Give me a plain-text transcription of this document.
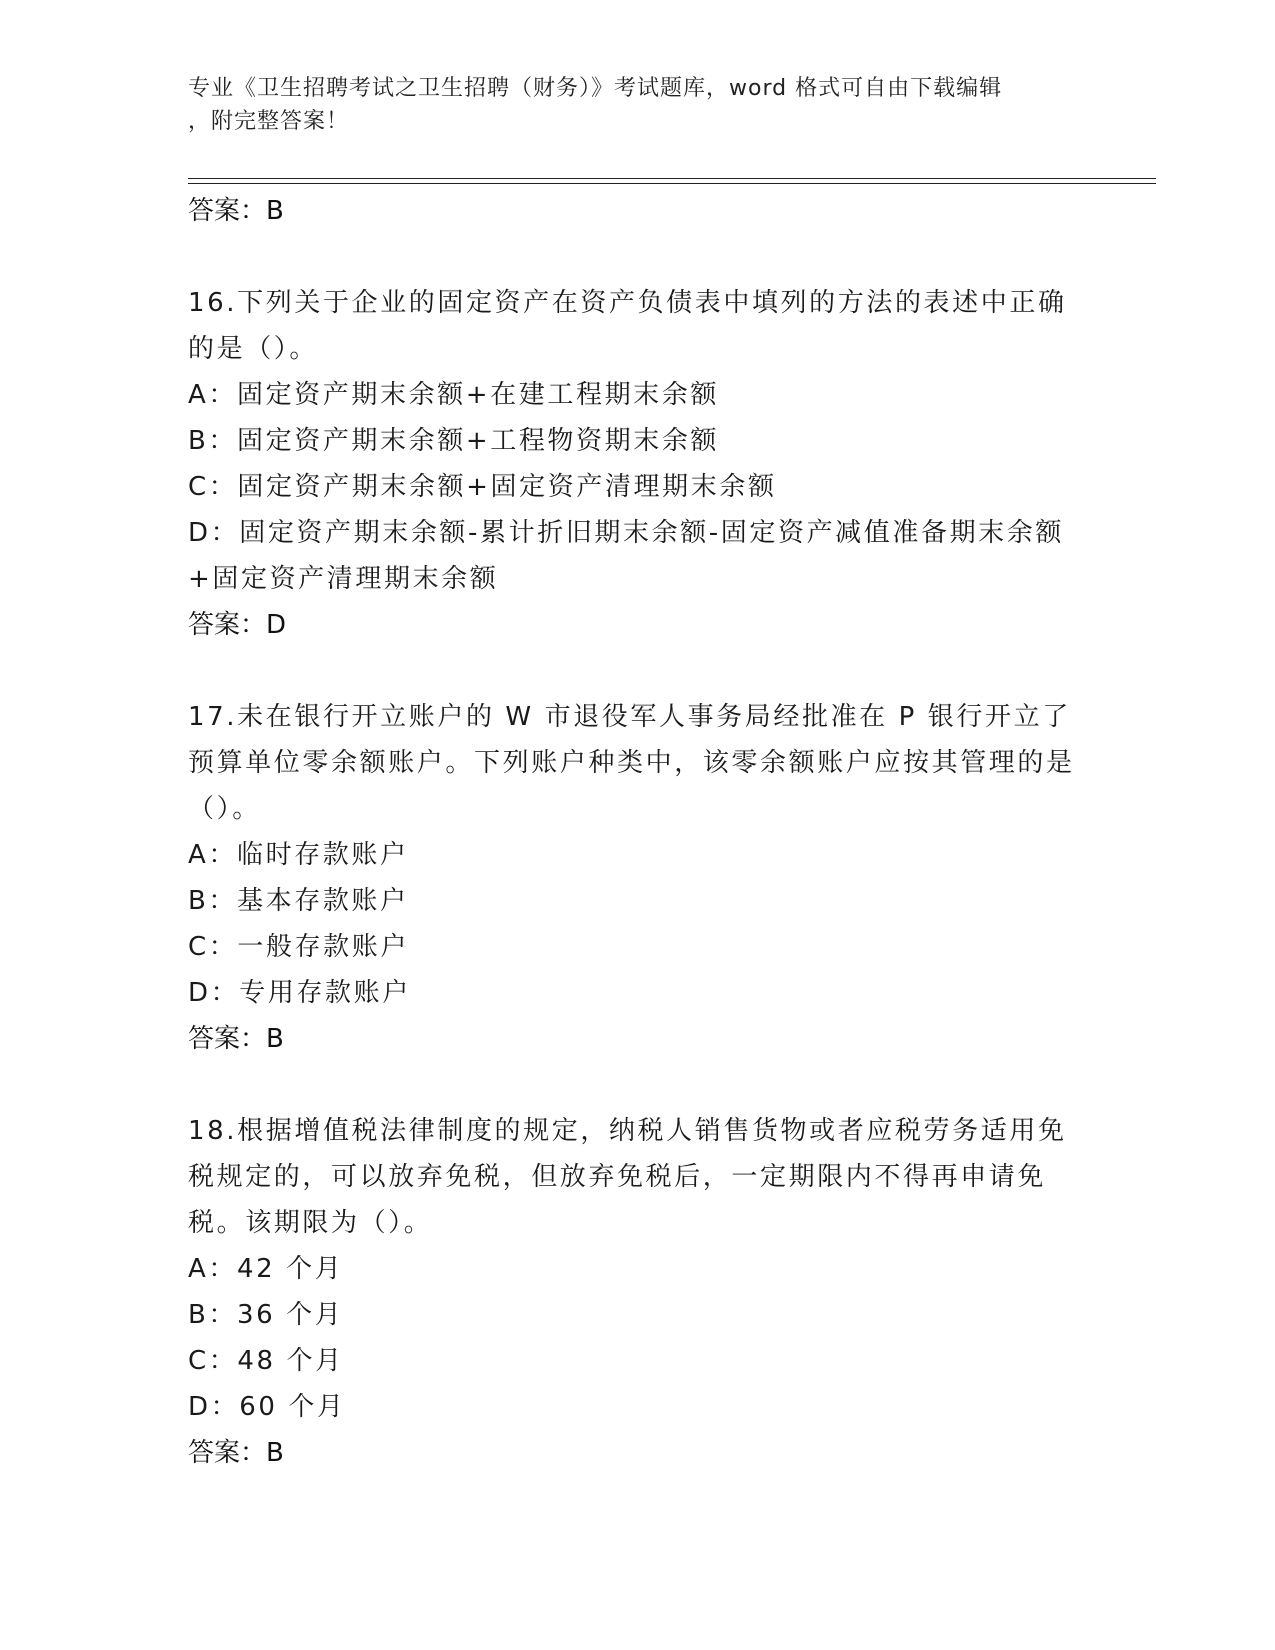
专业《卫生招聘考试之卫生招聘（财务）》考试题库，word 格式可自由下载编辑
，附完整答案！
答案：B
16.下列关于企业的固定资产在资产负债表中填列的方法的表述中正确的是（）。
A：固定资产期末余额+在建工程期末余额
B：固定资产期末余额+工程物资期末余额
C：固定资产期末余额+固定资产清理期末余额
D：固定资产期末余额-累计折旧期末余额-固定资产减值准备期末余额+固定资产清理期末余额
答案：D
17.未在银行开立账户的 W 市退役军人事务局经批准在 P 银行开立了预算单位零余额账户。下列账户种类中，该零余额账户应按其管理的是（）。
A：临时存款账户
B：基本存款账户
C：一般存款账户
D：专用存款账户
答案：B
18.根据增值税法律制度的规定，纳税人销售货物或者应税劳务适用免税规定的，可以放弃免税，但放弃免税后，一定期限内不得再申请免税。该期限为（）。
A：42 个月
B：36 个月
C：48 个月
D：60 个月
答案：B
